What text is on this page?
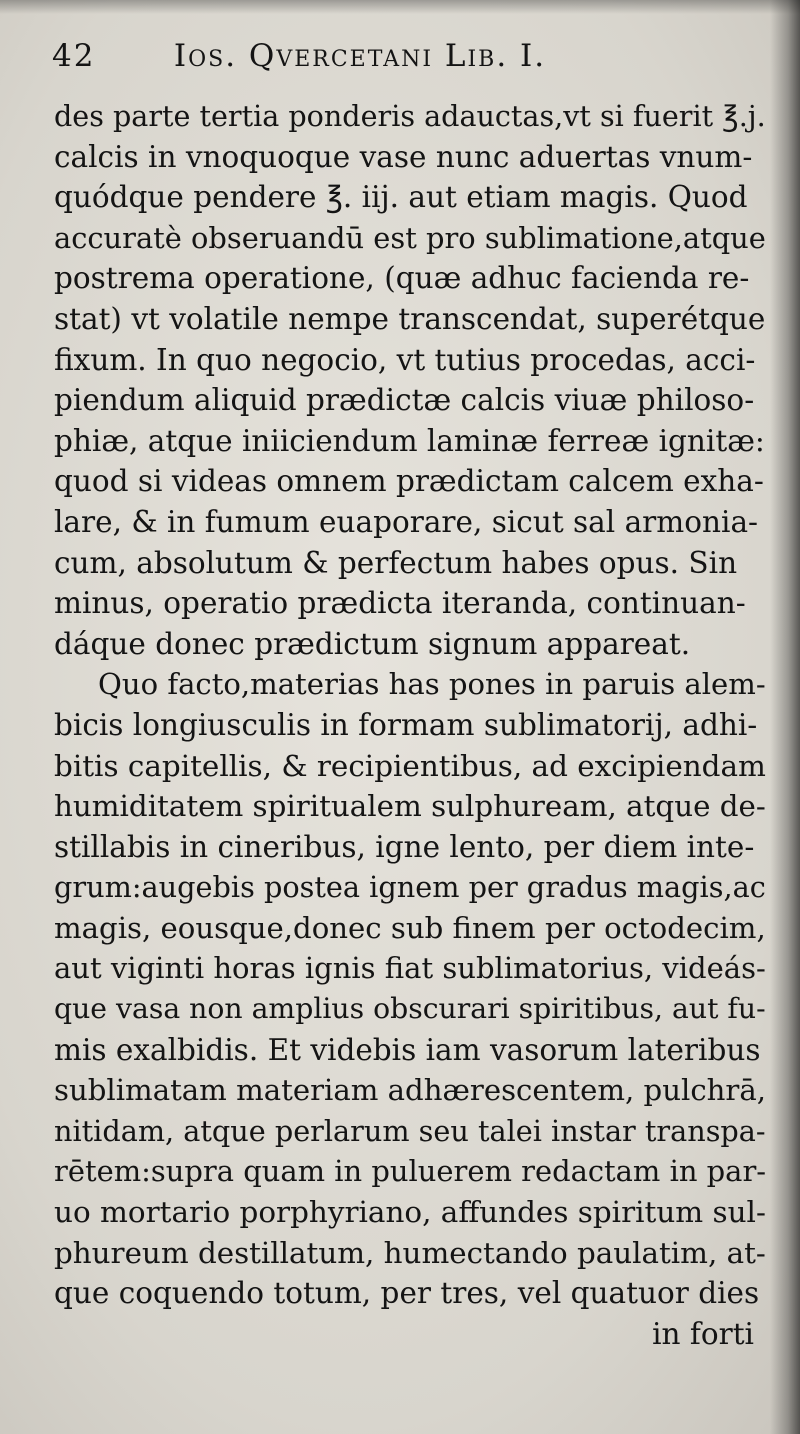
42	Ios. Qvercetani Lib. I.
des parte tertia ponderis adauctas,vt si fuerit ℥.j.
calcis in vnoquoque vase nunc aduertas vnum-
quódque pendere ℥. iij. aut etiam magis. Quod
accuratè obseruandū est pro sublimatione,atque
postrema operatione, (quæ adhuc facienda re-
stat) vt volatile nempe transcendat, superétque
fixum. In quo negocio, vt tutius procedas, acci-
piendum aliquid prædictæ calcis viuæ philoso-
phiæ, atque iniiciendum laminæ ferreæ ignitæ:
quod si videas omnem prædictam calcem exha-
lare, & in fumum euaporare, sicut sal armonia-
cum, absolutum & perfectum habes opus. Sin
minus, operatio prædicta iteranda, continuan-
dáque donec prædictum signum appareat.
Quo facto,materias has pones in paruis alem-
bicis longiusculis in formam sublimatorij, adhi-
bitis capitellis, & recipientibus, ad excipiendam
humiditatem spiritualem sulphuream, atque de-
stillabis in cineribus, igne lento, per diem inte-
grum:augebis postea ignem per gradus magis,ac
magis, eousque,donec sub finem per octodecim,
aut viginti horas ignis fiat sublimatorius, videás-
que vasa non amplius obscurari spiritibus, aut fu-
mis exalbidis. Et videbis iam vasorum lateribus
sublimatam materiam adhærescentem, pulchrā,
nitidam, atque perlarum seu talei instar transpa-
rētem:supra quam in puluerem redactam in par-
uo mortario porphyriano, affundes spiritum sul-
phureum destillatum, humectando paulatim, at-
que coquendo totum, per tres, vel quatuor dies
in forti
